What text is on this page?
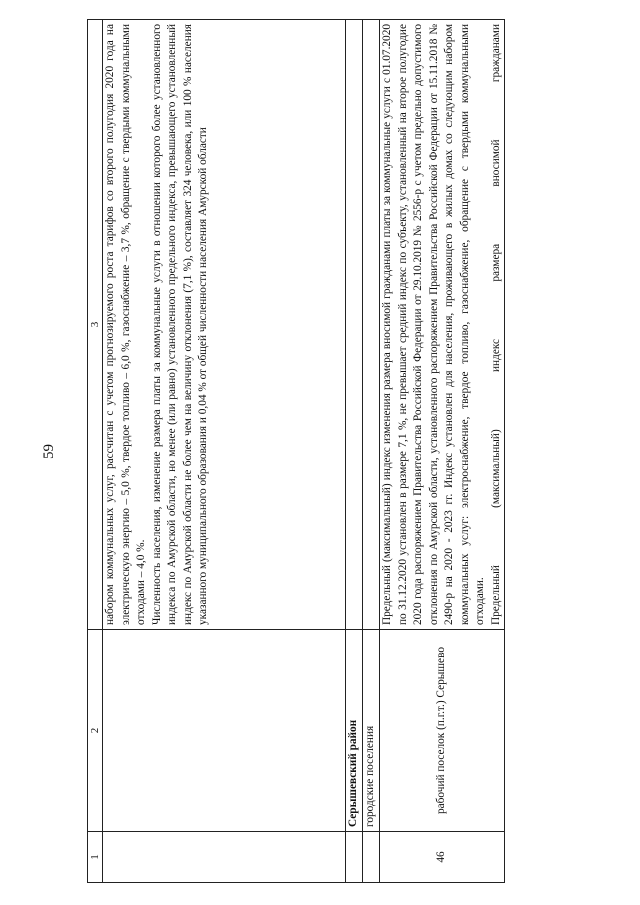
59
1	2	3

		набором коммунальных услуг, рассчитан с учетом прогнозируемого роста тарифов со второго полугодия 2020 года на электрическую энергию – 5,0 %, твердое топливо – 6,0 %, газоснабжение – 3,7 %, обращение с твердыми коммунальными отходами – 4,0 %. Численность населения, изменение размера платы за коммунальные услуги в отношении которого более установленного индекса по Амурской области, но менее (или равно) установленного предельного индекса, превышающего установленный индекс по Амурской области не более чем на величину отклонения (7,1 %), составляет 324 человека, или 100 % населения указанного муниципального образования и 0,04 % от общей численности населения Амурской области

	Серышевский район	
	городские поселения	
46	рабочий поселок (п.г.т.) Серышево	Предельный (максимальный) индекс изменения размера вносимой гражданами платы за коммунальные услуги с 01.07.2020 по 31.12.2020 установлен в размере 7,1 %, не превышает средний индекс по субъекту, установленный на второе полугодие 2020 года распоряжением Правительства Российской Федерации от 29.10.2019 № 2556-р с учетом предельно допустимого отклонения по Амурской области, установленного распоряжением Правительства Российской Федерации от 15.11.2018 № 2490-р на 2020 - 2023 гг. Индекс установлен для населения, проживающего в жилых домах со следующим набором коммунальных услуг: электроснабжение, твердое топливо, газоснабжение, обращение с твердыми коммунальными отходами. Предельный (максимальный) индекс размера вносимой гражданами
